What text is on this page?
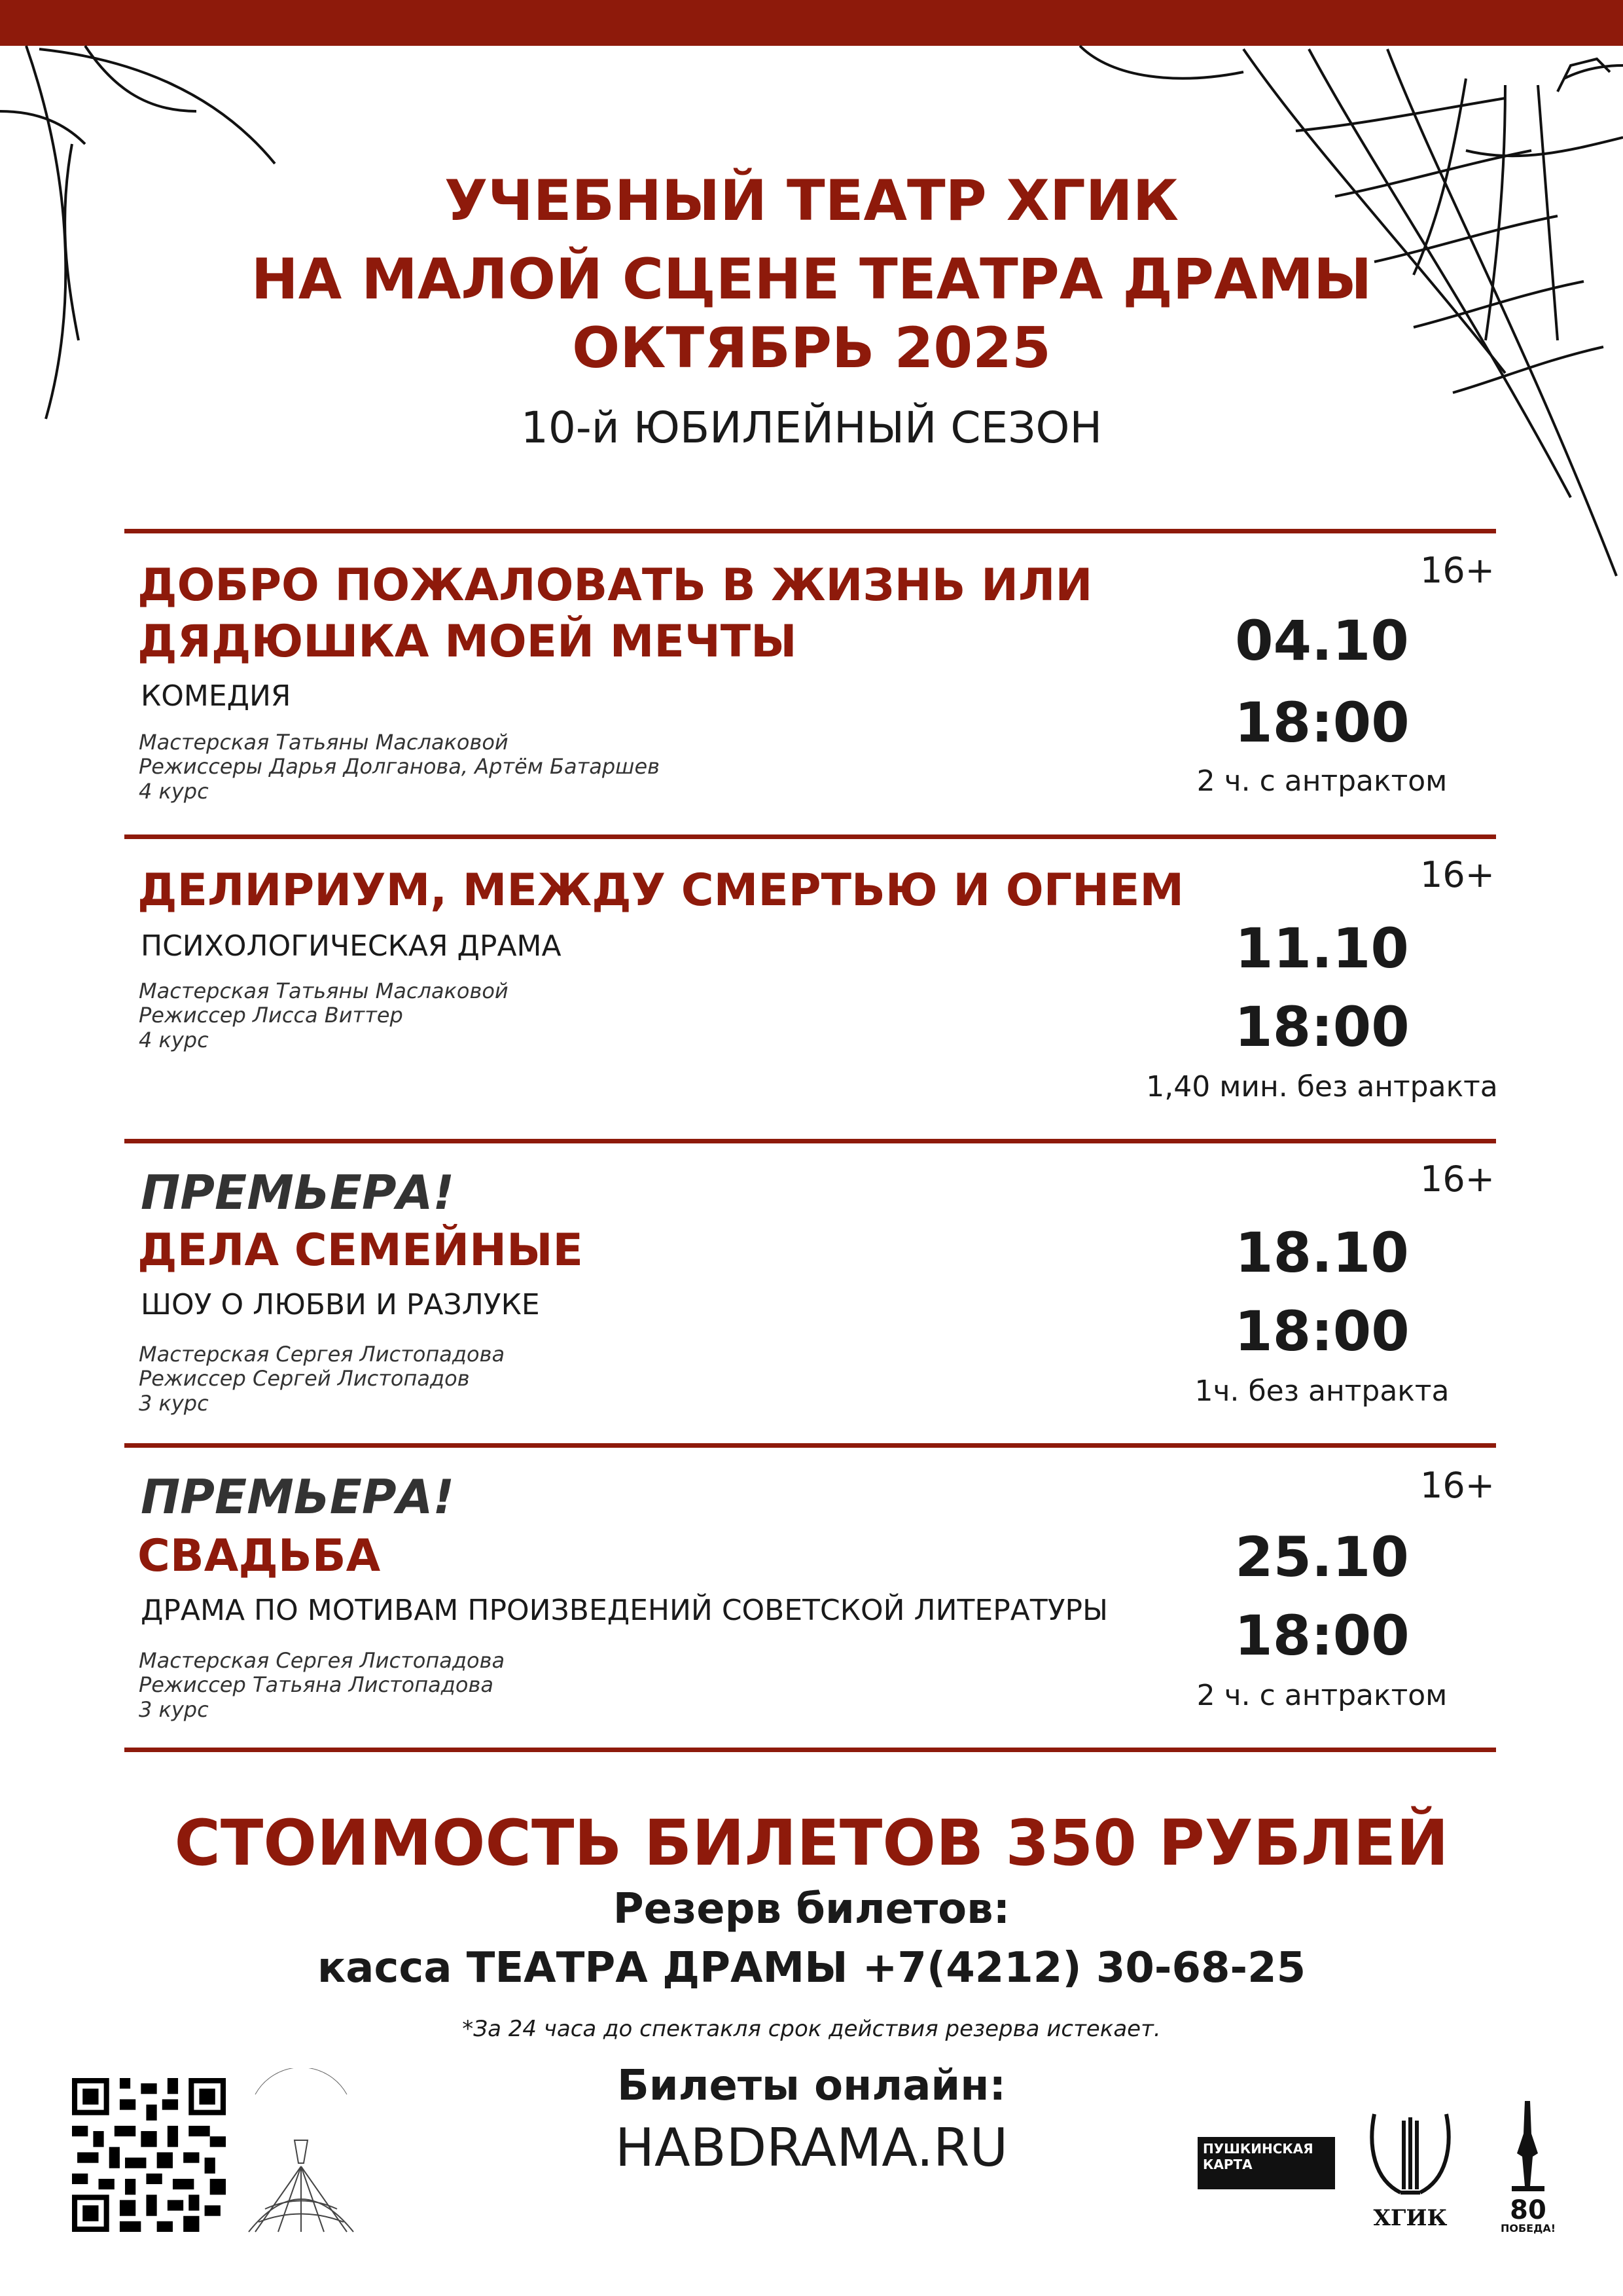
УЧЕБНЫЙ ТЕАТР ХГИК
НА МАЛОЙ СЦЕНЕ ТЕАТРА ДРАМЫ
ОКТЯБРЬ 2025
10-й ЮБИЛЕЙНЫЙ СЕЗОН
16+
ДОБРО ПОЖАЛОВАТЬ В ЖИЗНЬ ИЛИ
ДЯДЮШКА МОЕЙ МЕЧТЫ
КОМЕДИЯ
Мастерская Татьяны Маслаковой
Режиссеры Дарья Долганова, Артём Батаршев
4 курс
04.10
18:00
2 ч. с антрактом
16+
ДЕЛИРИУМ, МЕЖДУ СМЕРТЬЮ И ОГНЕМ
ПСИХОЛОГИЧЕСКАЯ ДРАМА
Мастерская Татьяны Маслаковой
Режиссер Лисса Виттер
4 курс
11.10
18:00
1,40 мин. без антракта
16+
ПРЕМЬЕРА!
ДЕЛА СЕМЕЙНЫЕ
ШОУ О ЛЮБВИ И РАЗЛУКЕ
Мастерская Сергея Листопадова
Режиссер Сергей Листопадов
3 курс
18.10
18:00
1ч. без антракта
16+
ПРЕМЬЕРА!
СВАДЬБА
ДРАМА ПО МОТИВАМ ПРОИЗВЕДЕНИЙ СОВЕТСКОЙ ЛИТЕРАТУРЫ
Мастерская Сергея Листопадова
Режиссер Татьяна Листопадова
3 курс
25.10
18:00
2 ч. с антрактом
СТОИМОСТЬ БИЛЕТОВ 350 РУБЛЕЙ
Резерв билетов:
касса ТЕАТРА ДРАМЫ +7(4212) 30-68-25
*За 24 часа до спектакля срок действия резерва истекает.
Билеты онлайн:
HABDRAMA.RU	ПУШКИНСКАЯ КАРТА
ХГИК 80
ПОБЕДА!
